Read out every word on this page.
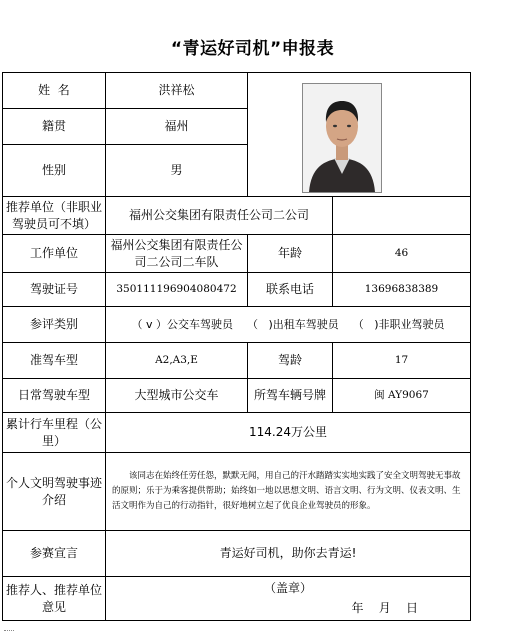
“青运好司机”申报表
姓  名	洪祥松	

籍贯	福州		
性别	男		
推荐单位（非职业驾驶员可不填）	福州公交集团有限责任公司二公司		
工作单位	福州公交集团有限责任公司二公司二车队	年龄	46
驾驶证号	350111196904080472	联系电话	13696838389
参评类别	（ v ）公交车驾驶员    （   )出租车驾驶员    （   )非职业驾驶员		
准驾车型	A2,A3,E	驾龄	17
日常驾驶车型	大型城市公交车	所驾车辆号牌	闽 AY9067
累计行车里程（公里）	114.24万公里		
个人文明驾驶事迹介绍	该同志在始终任劳任怨，默默无闻，用自己的汗水踏踏实实地实践了安全文明驾驶无事故的原则；乐于为乘客提供帮助；始终如一地以思想文明、语言文明、行为文明、仪表文明、生活文明作为自己的行动指针，很好地树立起了优良企业驾驶员的形象。		

参赛宣言	青运好司机，助你去青运!		
推荐人、推荐单位意见	（盖章）
年    月    日		
